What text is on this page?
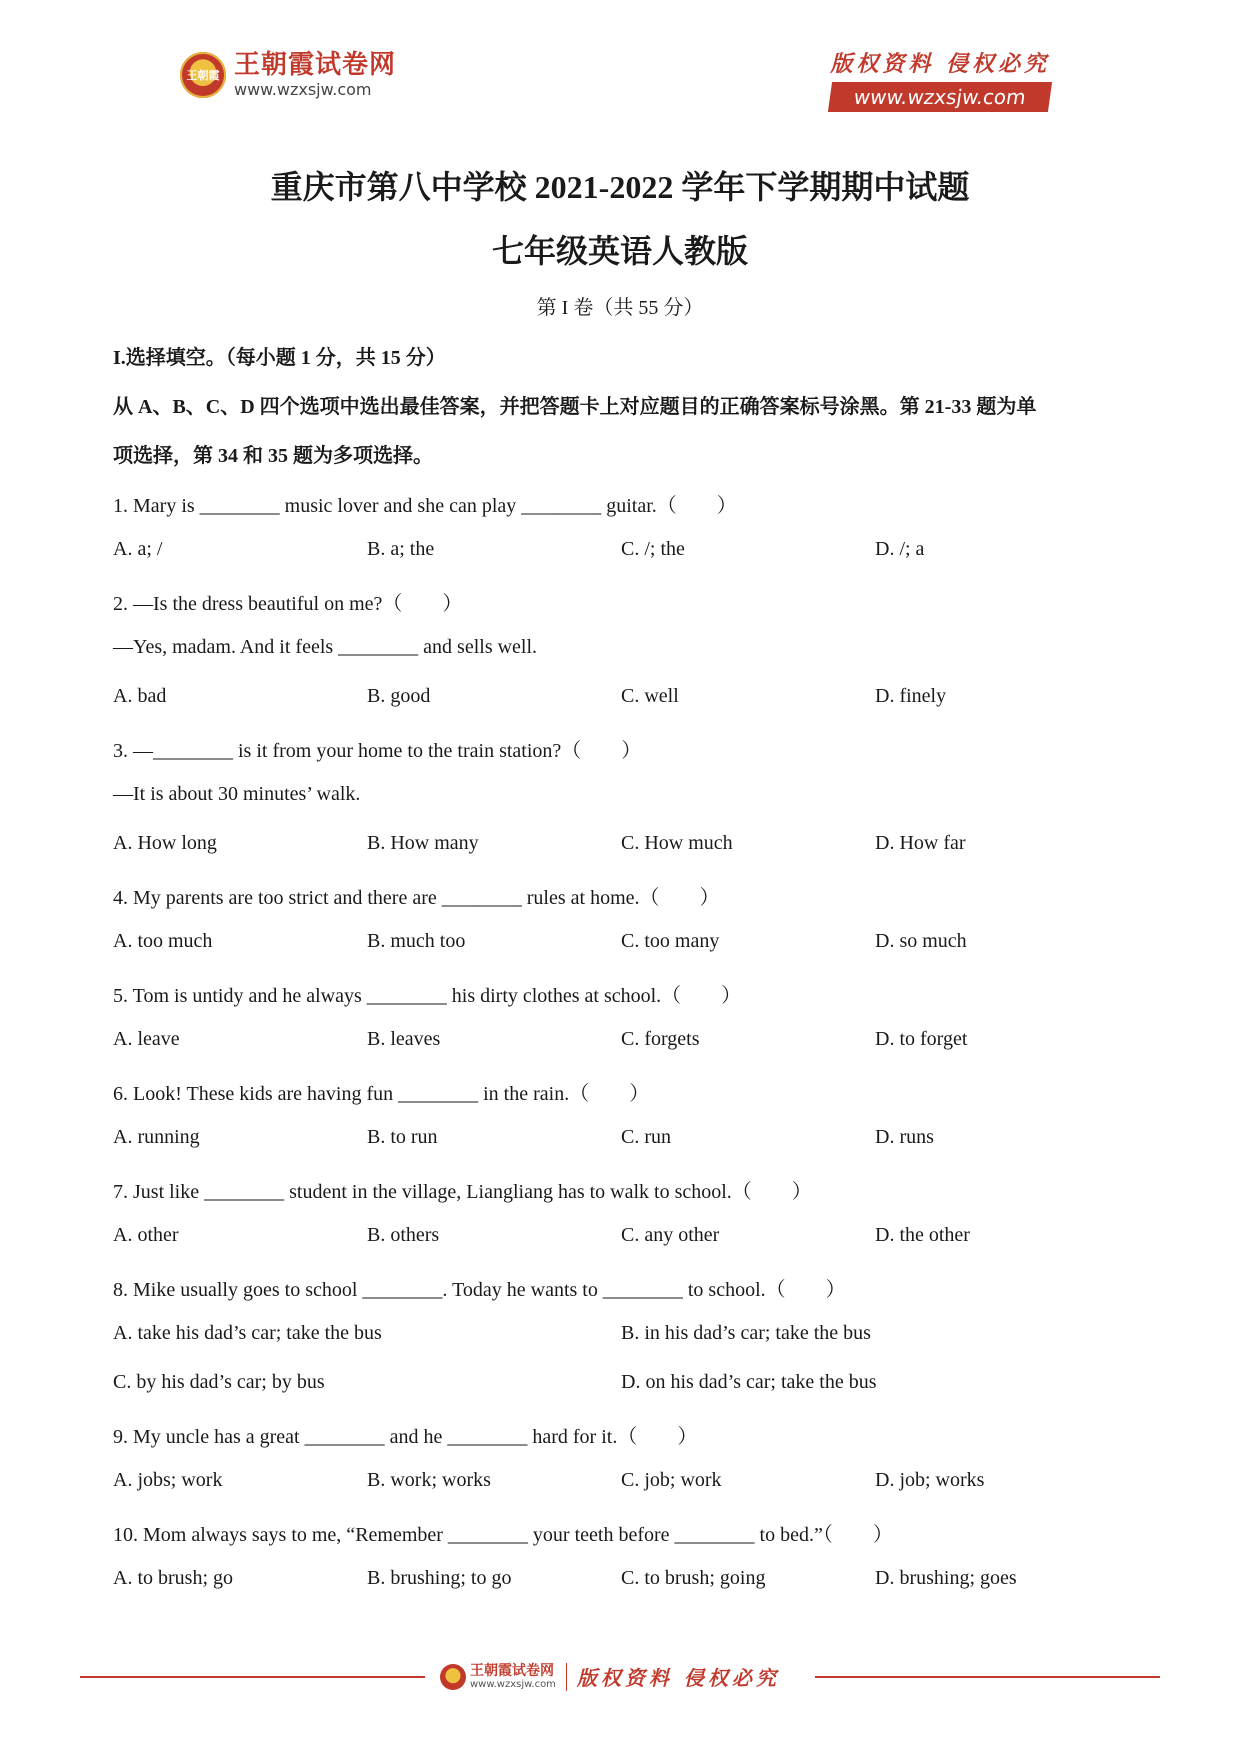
王朝霞 王朝霞试卷网
www.wzxsjw.com
版权资料 侵权必究
www.wzxsjw.com
重庆市第八中学校 2021-2022 学年下学期期中试题
七年级英语人教版
第 I 卷（共 55 分）
I.选择填空。（每小题 1 分，共 15 分）
从 A、B、C、D 四个选项中选出最佳答案，并把答题卡上对应题目的正确答案标号涂黑。第 21-33 题为单
项选择，第 34 和 35 题为多项选择。
1. Mary is ________ music lover and she can play ________ guitar.（　　）
A. a; /	B. a; the	C. /; the	D. /; a
2. —Is the dress beautiful on me?（　　）
—Yes, madam. And it feels ________ and sells well.
A. bad	B. good	C. well	D. finely
3. —________ is it from your home to the train station?（　　）
—It is about 30 minutes’ walk.
A. How long	B. How many	C. How much	D. How far
4. My parents are too strict and there are ________ rules at home.（　　）
A. too much	B. much too	C. too many	D. so much
5. Tom is untidy and he always ________ his dirty clothes at school.（　　）
A. leave	B. leaves	C. forgets	D. to forget
6. Look! These kids are having fun ________ in the rain.（　　）
A. running	B. to run	C. run	D. runs
7. Just like ________ student in the village, Liangliang has to walk to school.（　　）
A. other	B. others	C. any other	D. the other
8. Mike usually goes to school ________. Today he wants to ________ to school.（　　）
A. take his dad’s car; take the bus	B. in his dad’s car; take the bus
C. by his dad’s car; by bus	D. on his dad’s car; take the bus
9. My uncle has a great ________ and he ________ hard for it.（　　）
A. jobs; work	B. work; works	C. job; work	D. job; works
10. Mom always says to me, “Remember ________ your teeth before ________ to bed.”（　　）
A. to brush; go	B. brushing; to go	C. to brush; going	D. brushing; goes
王朝霞试卷网
www.wzxsjw.com 版权资料 侵权必究
